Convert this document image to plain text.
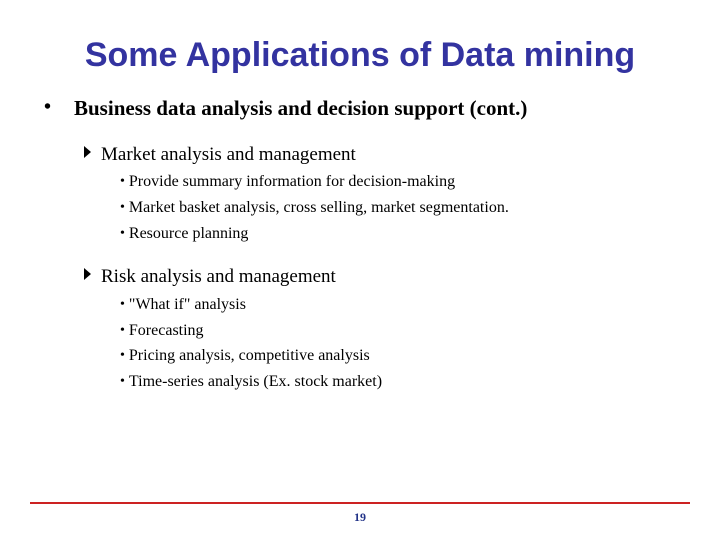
Some Applications of Data mining
• Business data analysis and decision support (cont.)
Market analysis and management
• Provide summary information for decision-making
• Market basket analysis, cross selling, market segmentation.
• Resource planning
Risk analysis and management
• "What if" analysis
• Forecasting
• Pricing analysis, competitive analysis
• Time-series analysis (Ex. stock market)
19
